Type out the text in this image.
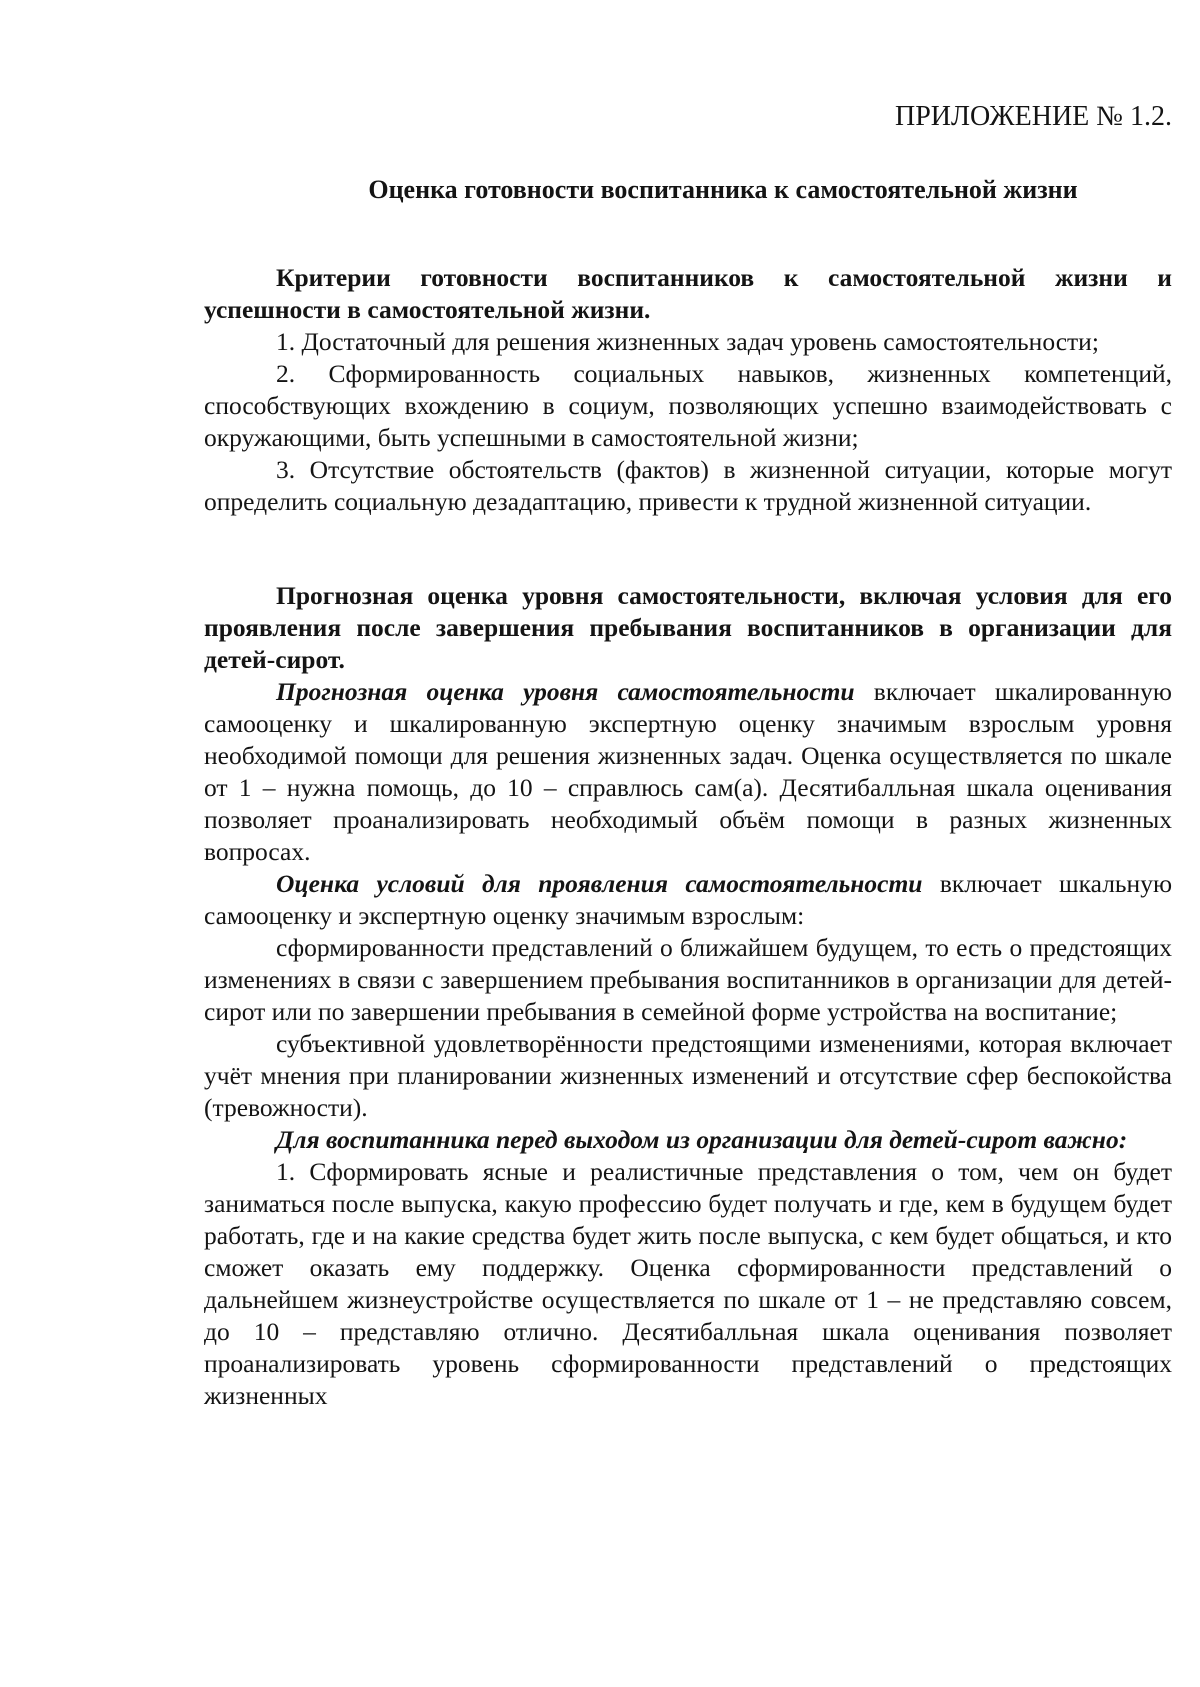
ПРИЛОЖЕНИЕ № 1.2.
Оценка готовности воспитанника к самостоятельной жизни
Критерии готовности воспитанников к самостоятельной жизни и успешности в самостоятельной жизни.

1. Достаточный для решения жизненных задач уровень самостоятельности;

2. Сформированность социальных навыков, жизненных компетенций, способствующих вхождению в социум, позволяющих успешно взаимодействовать с окружающими, быть успешными в самостоятельной жизни;

3. Отсутствие обстоятельств (фактов) в жизненной ситуации, которые могут определить социальную дезадаптацию, привести к трудной жизненной ситуации.

Прогнозная оценка уровня самостоятельности, включая условия для его проявления после завершения пребывания воспитанников в организации для детей-сирот.

Прогнозная оценка уровня самостоятельности включает шкалированную самооценку и шкалированную экспертную оценку значимым взрослым уровня необходимой помощи для решения жизненных задач. Оценка осуществляется по шкале от 1 – нужна помощь, до 10 – справлюсь сам(а). Десятибалльная шкала оценивания позволяет проанализировать необходимый объём помощи в разных жизненных вопросах.

Оценка условий для проявления самостоятельности включает шкальную самооценку и экспертную оценку значимым взрослым:

сформированности представлений о ближайшем будущем, то есть о предстоящих изменениях в связи с завершением пребывания воспитанников в организации для детей-сирот или по завершении пребывания в семейной форме устройства на воспитание;

субъективной удовлетворённости предстоящими изменениями, которая включает учёт мнения при планировании жизненных изменений и отсутствие сфер беспокойства (тревожности).

Для воспитанника перед выходом из организации для детей-сирот важно:

1. Сформировать ясные и реалистичные представления о том, чем он будет заниматься после выпуска, какую профессию будет получать и где, кем в будущем будет работать, где и на какие средства будет жить после выпуска, с кем будет общаться, и кто сможет оказать ему поддержку. Оценка сформированности представлений о дальнейшем жизнеустройстве осуществляется по шкале от 1 – не представляю совсем, до 10 – представляю отлично. Десятибалльная шкала оценивания позволяет проанализировать уровень сформированности представлений о предстоящих жизненных
